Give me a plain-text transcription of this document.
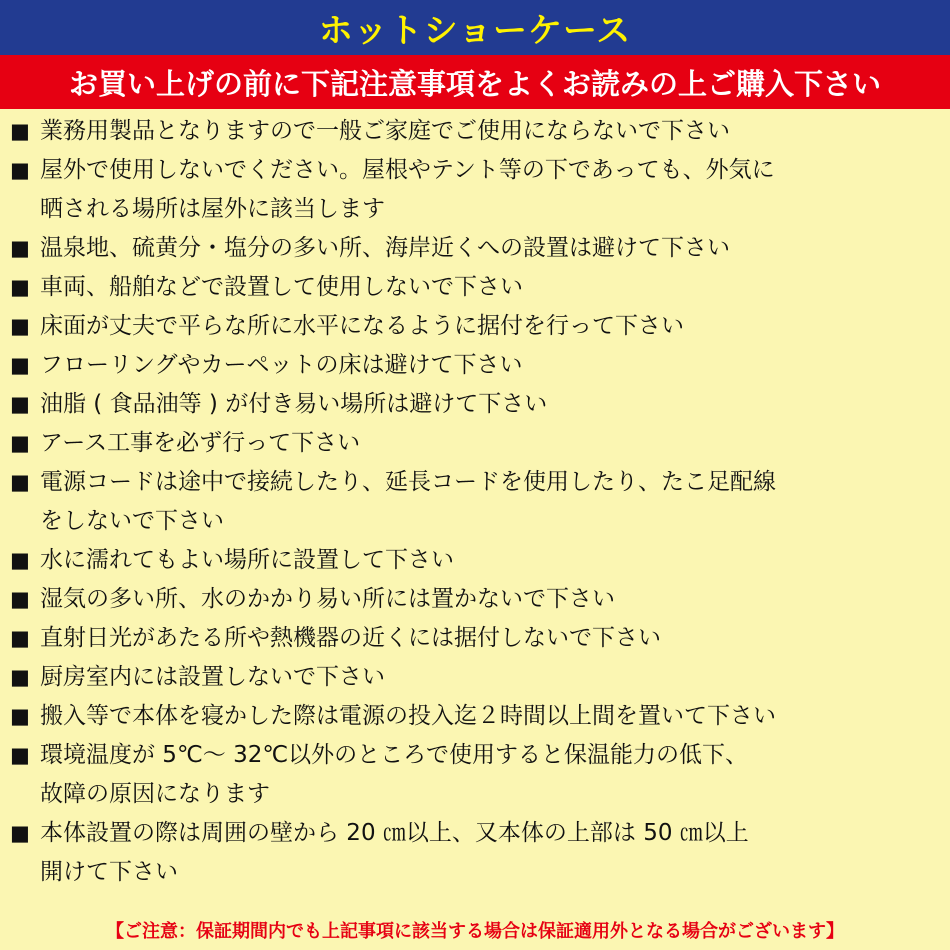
ホットショーケース
お買い上げの前に下記注意事項をよくお読みの上ご購入下さい
■ 業務用製品となりますので一般ご家庭でご使用にならないで下さい
■ 屋外で使用しないでください。屋根やテント等の下であっても、外気に
晒される場所は屋外に該当します
■ 温泉地、硫黄分・塩分の多い所、海岸近くへの設置は避けて下さい
■ 車両、船舶などで設置して使用しないで下さい
■ 床面が丈夫で平らな所に水平になるように据付を行って下さい
■ フローリングやカーペットの床は避けて下さい
■ 油脂 ( 食品油等 ) が付き易い場所は避けて下さい
■ アース工事を必ず行って下さい
■ 電源コードは途中で接続したり、延長コードを使用したり、たこ足配線
をしないで下さい
■ 水に濡れてもよい場所に設置して下さい
■ 湿気の多い所、水のかかり易い所には置かないで下さい
■ 直射日光があたる所や熱機器の近くには据付しないで下さい
■ 厨房室内には設置しないで下さい
■ 搬入等で本体を寝かした際は電源の投入迄２時間以上間を置いて下さい
■ 環境温度が 5℃～ 32℃以外のところで使用すると保温能力の低下、
故障の原因になります
■ 本体設置の際は周囲の壁から 20 ㎝以上、又本体の上部は 50 ㎝以上
開けて下さい
【ご注意：保証期間内でも上記事項に該当する場合は保証適用外となる場合がございます】
